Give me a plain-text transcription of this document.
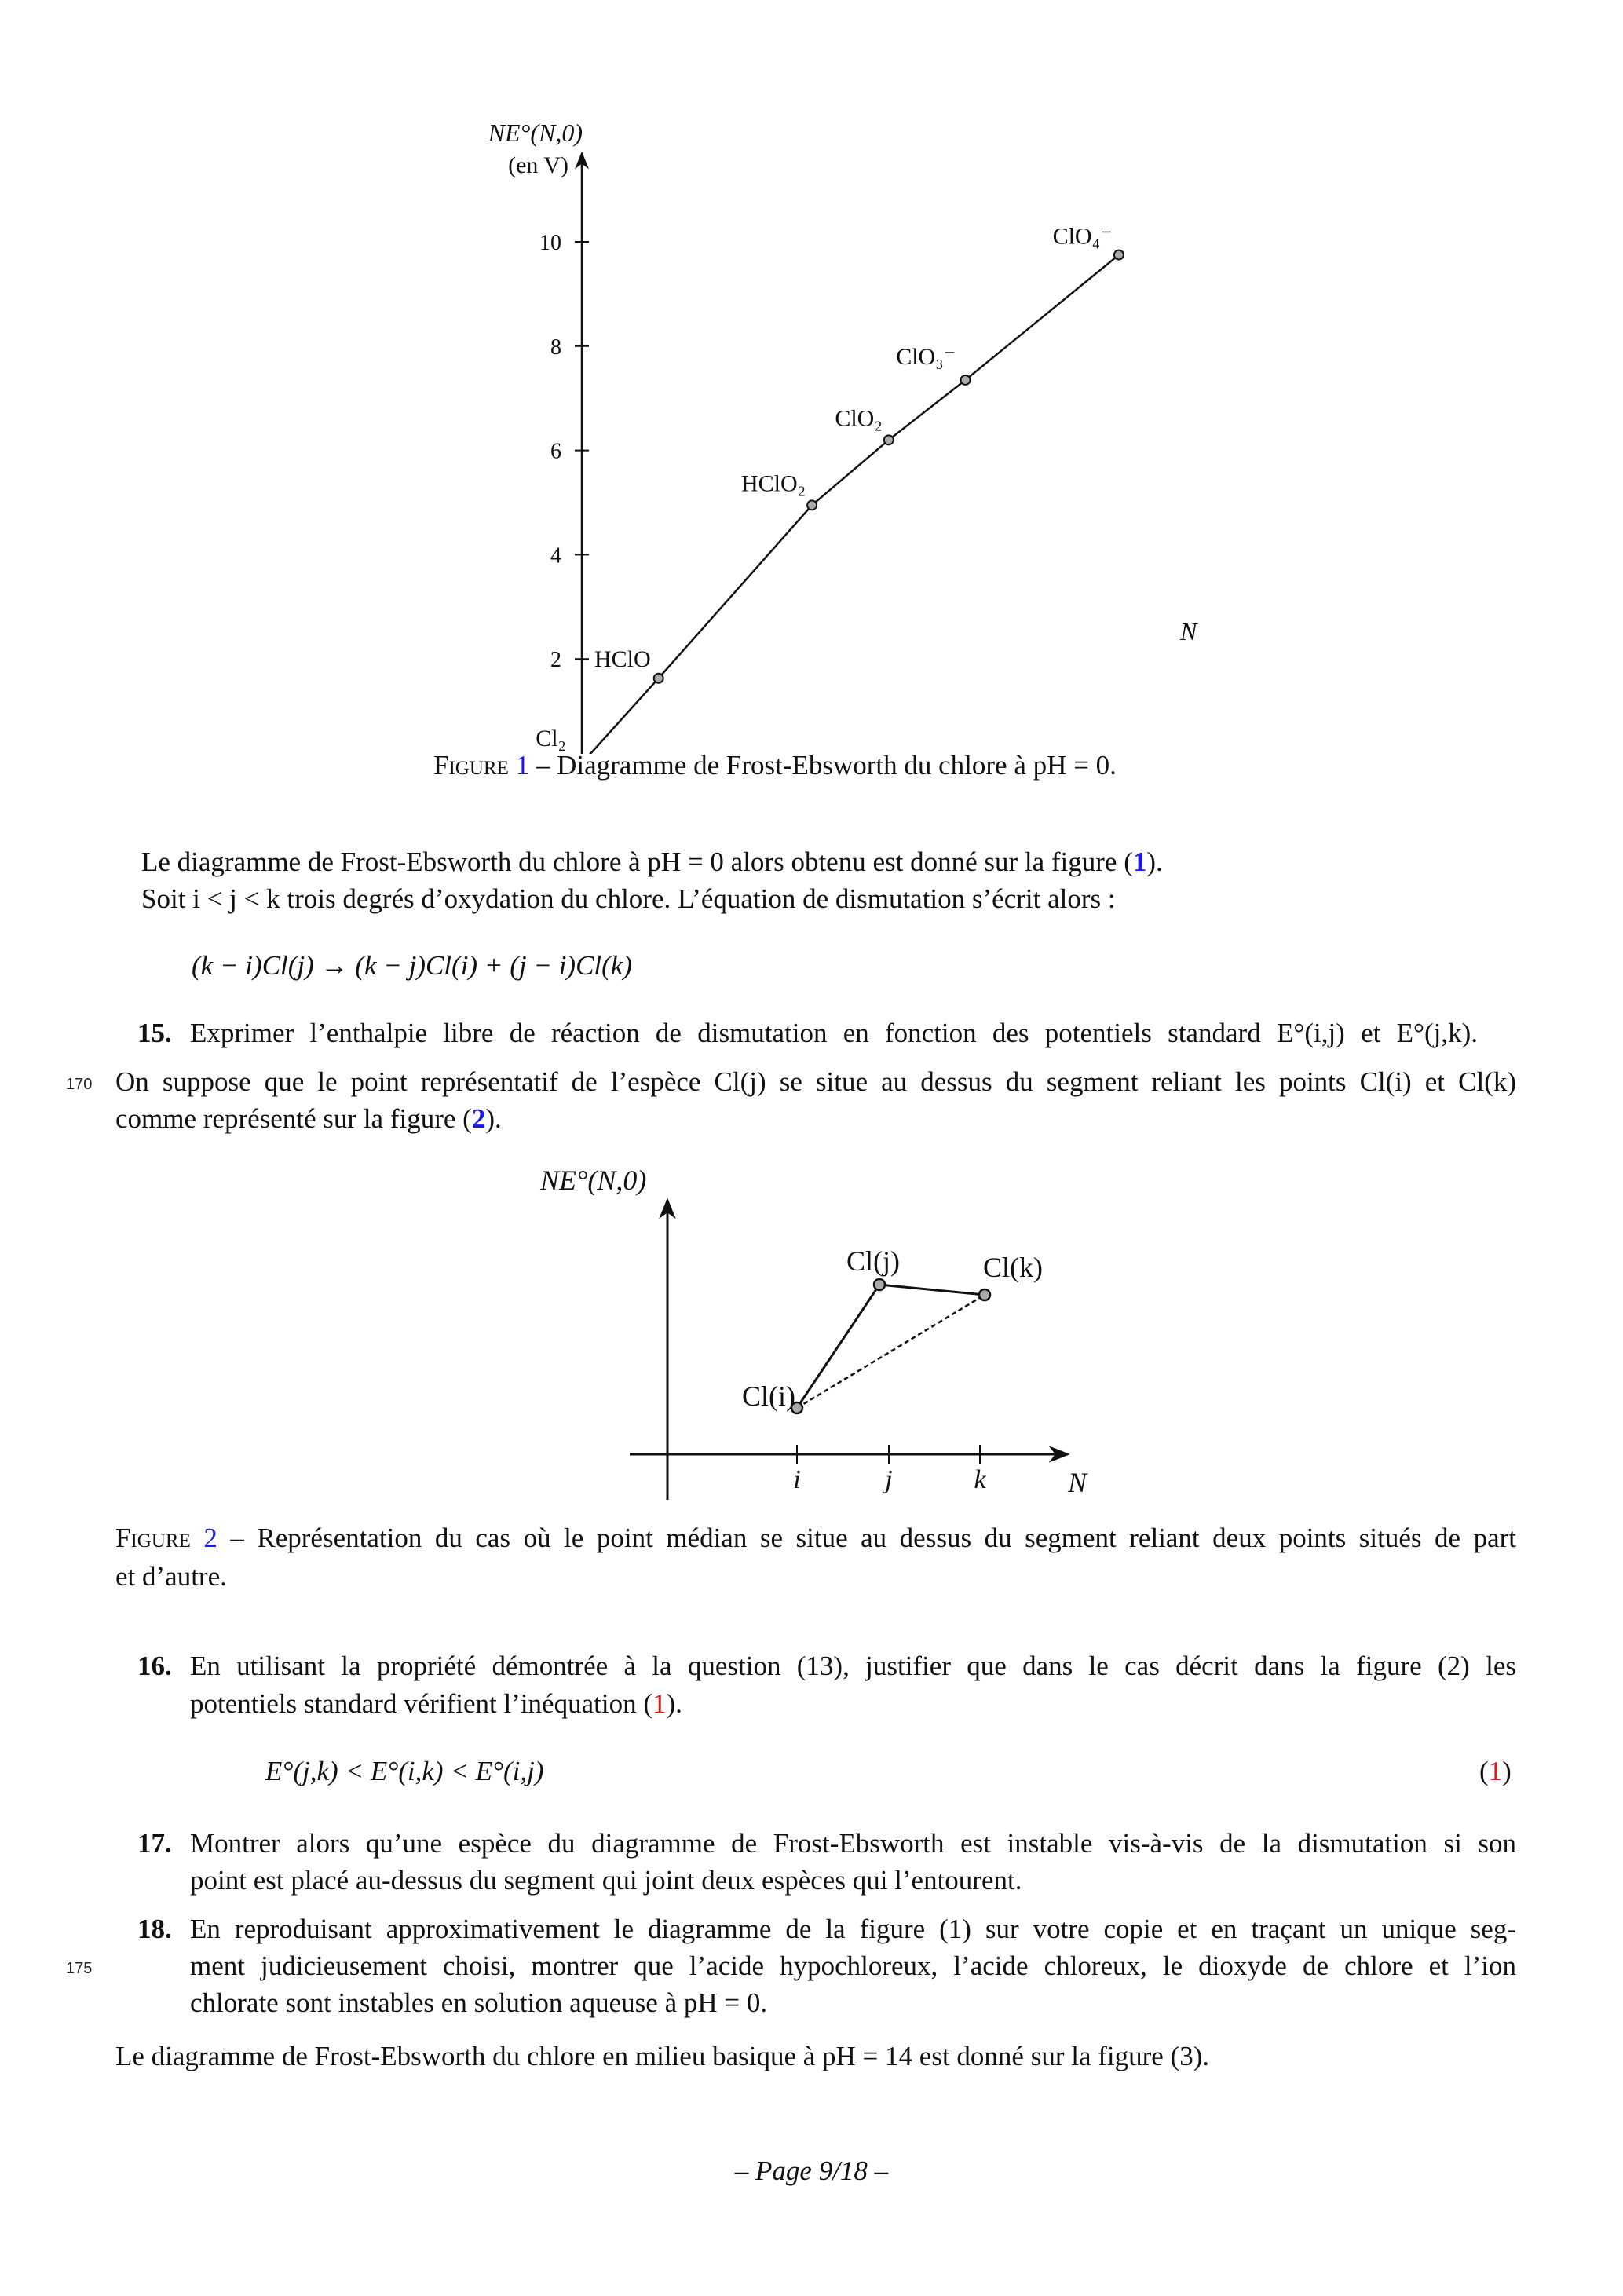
2
4
6
8
10
Cl₂
HClO
HClO₂
ClO₂
ClO₃⁻
ClO₄⁻
NE°(N,0)
(en V)
N
Figure 1 – Diagramme de Frost-Ebsworth du chlore à pH = 0.
Le diagramme de Frost-Ebsworth du chlore à pH = 0 alors obtenu est donné sur la figure (1).
Soit i < j < k trois degrés d’oxydation du chlore. L’équation de dismutation s’écrit alors :
(k − i)Cl(j) → (k − j)Cl(i) + (j − i)Cl(k)
15. Exprimer l’enthalpie libre de réaction de dismutation en fonction des potentiels standard E°(i,j) et E°(j,k).
170 On suppose que le point représentatif de l’espèce Cl(j) se situe au dessus du segment reliant les points Cl(i) et Cl(k)
comme représenté sur la figure (2).
NE°(N,0)
Cl(i)
Cl(j)	Cl(k)
i	j	k	N
Figure 2 – Représentation du cas où le point médian se situe au dessus du segment reliant deux points situés de part
et d’autre.
16. En utilisant la propriété démontrée à la question (13), justifier que dans le cas décrit dans la figure (2) les
potentiels standard vérifient l’inéquation (1).
E°(j,k) < E°(i,k) < E°(i,j)	(1)
17. Montrer alors qu’une espèce du diagramme de Frost-Ebsworth est instable vis-à-vis de la dismutation si son
point est placé au-dessus du segment qui joint deux espèces qui l’entourent.
18. En reproduisant approximativement le diagramme de la figure (1) sur votre copie et en traçant un unique seg-
175	ment judicieusement choisi, montrer que l’acide hypochloreux, l’acide chloreux, le dioxyde de chlore et l’ion
chlorate sont instables en solution aqueuse à pH = 0.
Le diagramme de Frost-Ebsworth du chlore en milieu basique à pH = 14 est donné sur la figure (3).
– Page 9/18 –
